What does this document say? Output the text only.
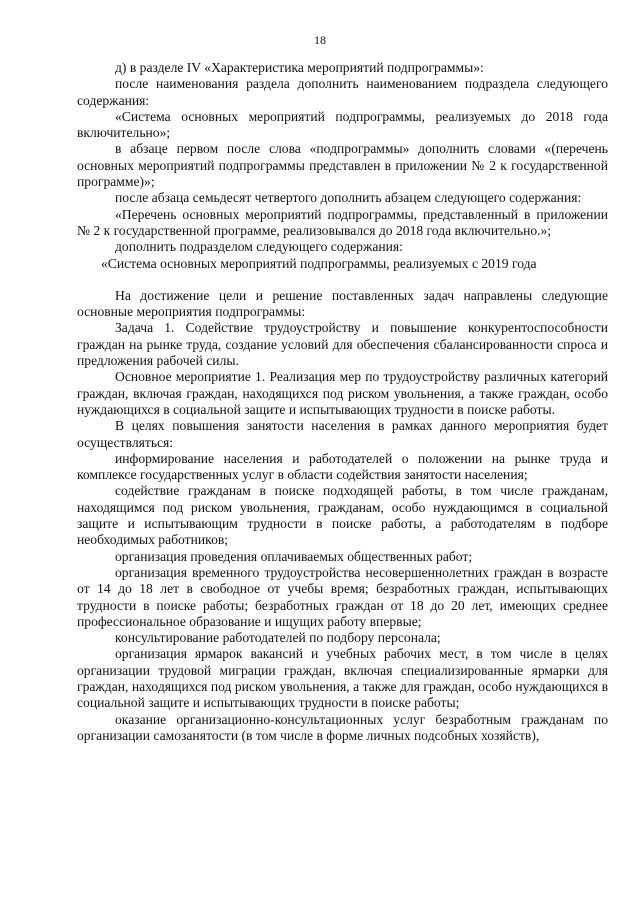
18

д) в разделе IV «Характеристика мероприятий подпрограммы»:

после наименования раздела дополнить наименованием подраздела следующего содержания:

«Система основных мероприятий подпрограммы, реализуемых до 2018 года включительно»;

в абзаце первом после слова «подпрограммы» дополнить словами «(перечень основных мероприятий подпрограммы представлен в приложении № 2 к государственной программе)»;

после абзаца семьдесят четвертого дополнить абзацем следующего содержания:

«Перечень основных мероприятий подпрограммы, представленный в приложении № 2 к государственной программе, реализовывался до 2018 года включительно.»;

дополнить подразделом следующего содержания:

«Система основных мероприятий подпрограммы, реализуемых с 2019 года

На достижение цели и решение поставленных задач направлены следующие основные мероприятия подпрограммы:

Задача 1. Содействие трудоустройству и повышение конкурентоспособности граждан на рынке труда, создание условий для обеспечения сбалансированности спроса и предложения рабочей силы.

Основное мероприятие 1. Реализация мер по трудоустройству различных категорий граждан, включая граждан, находящихся под риском увольнения, а также граждан, особо нуждающихся в социальной защите и испытывающих трудности в поиске работы.

В целях повышения занятости населения в рамках данного мероприятия будет осуществляться:

информирование населения и работодателей о положении на рынке труда и комплексе государственных услуг в области содействия занятости населения;

содействие гражданам в поиске подходящей работы, в том числе гражданам, находящимся под риском увольнения, гражданам, особо нуждающимся в социальной защите и испытывающим трудности в поиске работы, а работодателям в подборе необходимых работников;

организация проведения оплачиваемых общественных работ;

организация временного трудоустройства несовершеннолетних граждан в возрасте от 14 до 18 лет в свободное от учебы время; безработных граждан, испытывающих трудности в поиске работы; безработных граждан от 18 до 20 лет, имеющих среднее профессиональное образование и ищущих работу впервые;

консультирование работодателей по подбору персонала;

организация ярмарок вакансий и учебных рабочих мест, в том числе в целях организации трудовой миграции граждан, включая специализированные ярмарки для граждан, находящихся под риском увольнения, а также для граждан, особо нуждающихся в социальной защите и испытывающих трудности в поиске работы;

оказание организационно-консультационных услуг безработным гражданам по организации самозанятости (в том числе в форме личных подсобных хозяйств),
